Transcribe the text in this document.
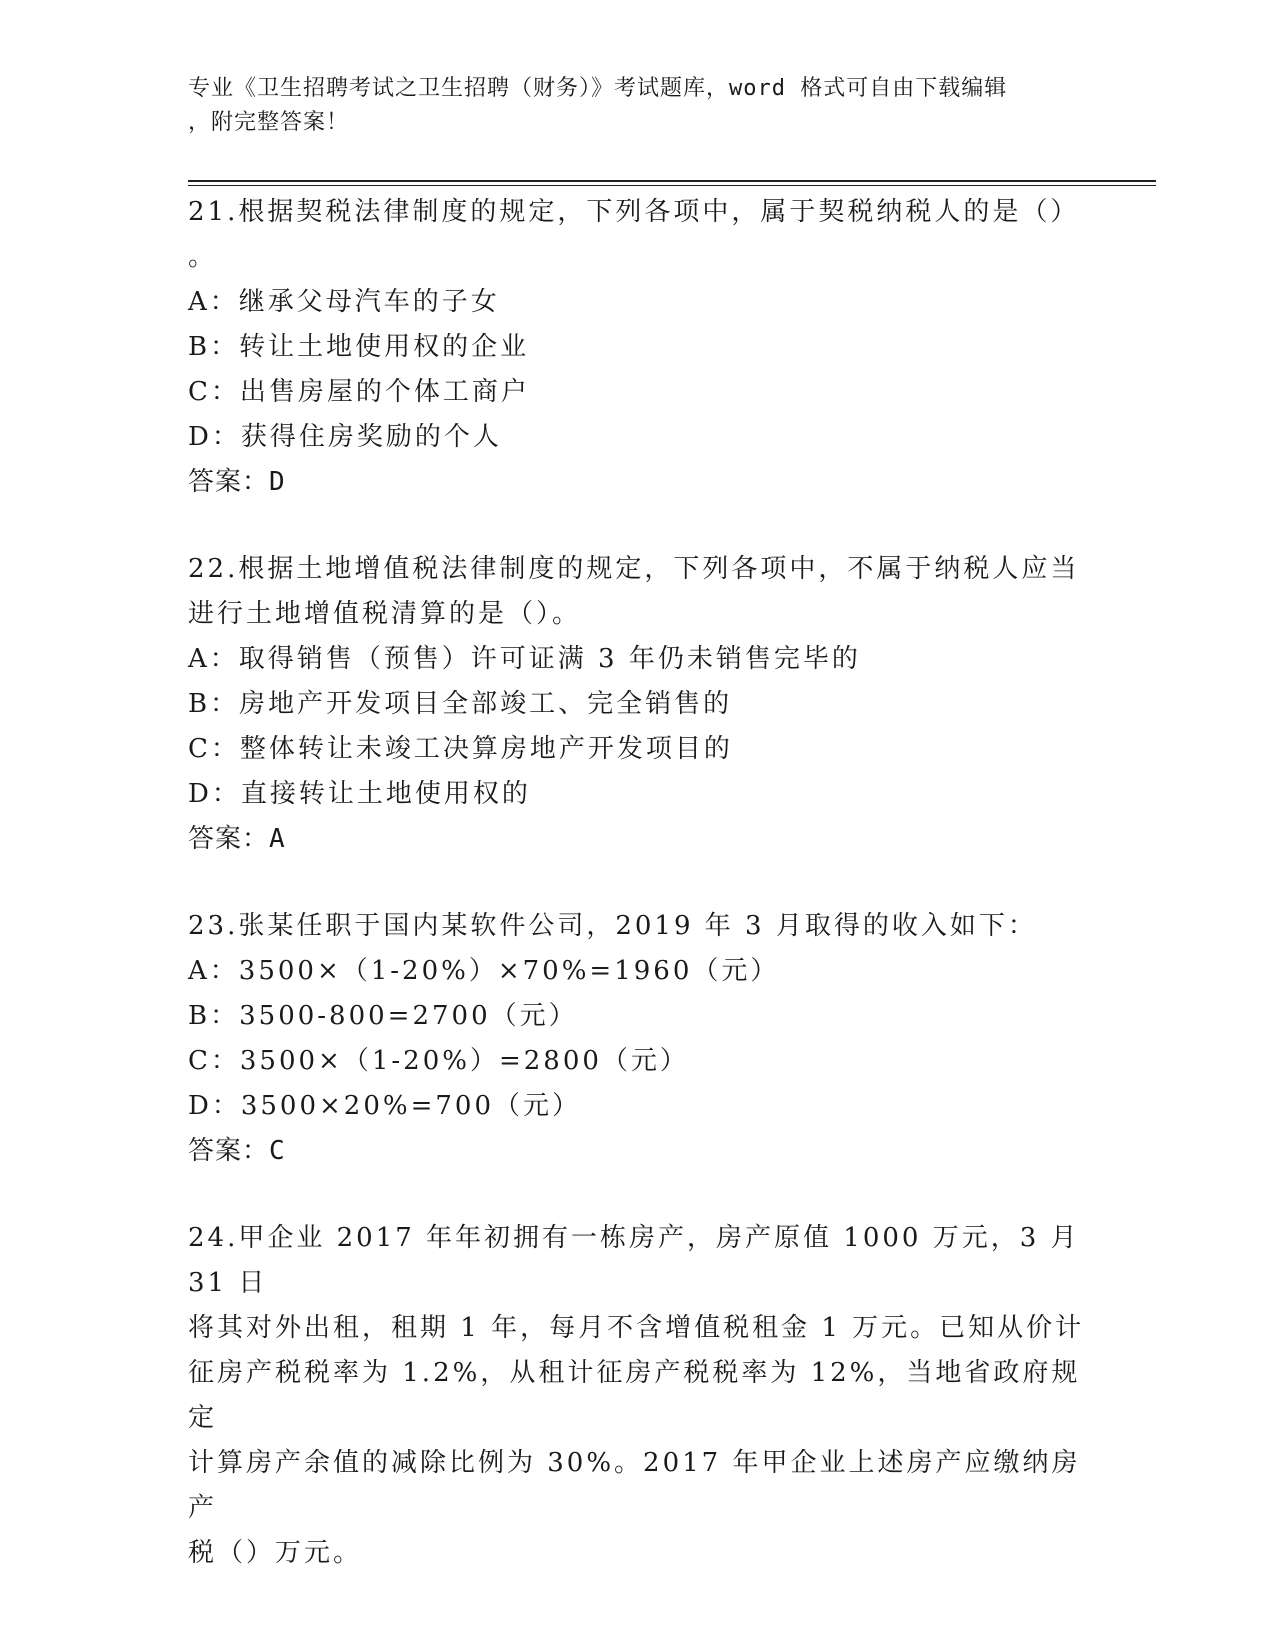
专业《卫生招聘考试之卫生招聘（财务）》考试题库，word 格式可自由下载编辑
，附完整答案！
21.根据契税法律制度的规定，下列各项中，属于契税纳税人的是（）
。
A：继承父母汽车的子女
B：转让土地使用权的企业
C：出售房屋的个体工商户
D：获得住房奖励的个人
答案：D
22.根据土地增值税法律制度的规定，下列各项中，不属于纳税人应当
进行土地增值税清算的是（）。
A：取得销售（预售）许可证满 3 年仍未销售完毕的
B：房地产开发项目全部竣工、完全销售的
C：整体转让未竣工决算房地产开发项目的
D：直接转让土地使用权的
答案：A
23.张某任职于国内某软件公司，2019 年 3 月取得的收入如下：
A：3500×（1-20%）×70%=1960（元）
B：3500-800=2700（元）
C：3500×（1-20%）=2800（元）
D：3500×20%=700（元）
答案：C
24.甲企业 2017 年年初拥有一栋房产，房产原值 1000 万元，3 月 31 日
将其对外出租，租期 1 年，每月不含增值税租金 1 万元。已知从价计
征房产税税率为 1.2%，从租计征房产税税率为 12%，当地省政府规定
计算房产余值的减除比例为 30%。2017 年甲企业上述房产应缴纳房产
税（）万元。
